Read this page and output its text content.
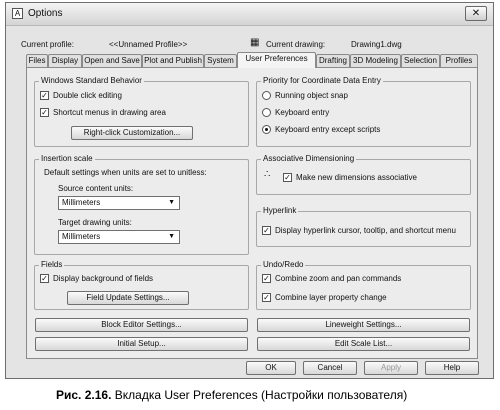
A Options	✕
Current profile:	<<Unnamed Profile>>	▦ Current drawing:	Drawing1.dwg
Files Display Open and Save Plot and Publish System	User Preferences	Drafting 3D Modeling Selection	Profiles
Windows Standard Behavior
✓ Double click editing
✓ Shortcut menus in drawing area
Right-click Customization...
Insertion scale
Default settings when units are set to unitless:
Source content units:
Millimeters	▼
Target drawing units:
Millimeters	▼
Fields
✓ Display background of fields
Field Update Settings...
Priority for Coordinate Data Entry
Running object snap
Keyboard entry
Keyboard entry except scripts
Associative Dimensioning
∴	✓ Make new dimensions associative
Hyperlink
✓ Display hyperlink cursor, tooltip, and shortcut menu
Undo/Redo
✓ Combine zoom and pan commands
✓ Combine layer property change
Block Editor Settings...	Lineweight Settings...
Initial Setup...	Edit Scale List...
OK	Cancel	Apply	Help
Рис. 2.16. Вкладка User Preferences (Настройки пользователя)
